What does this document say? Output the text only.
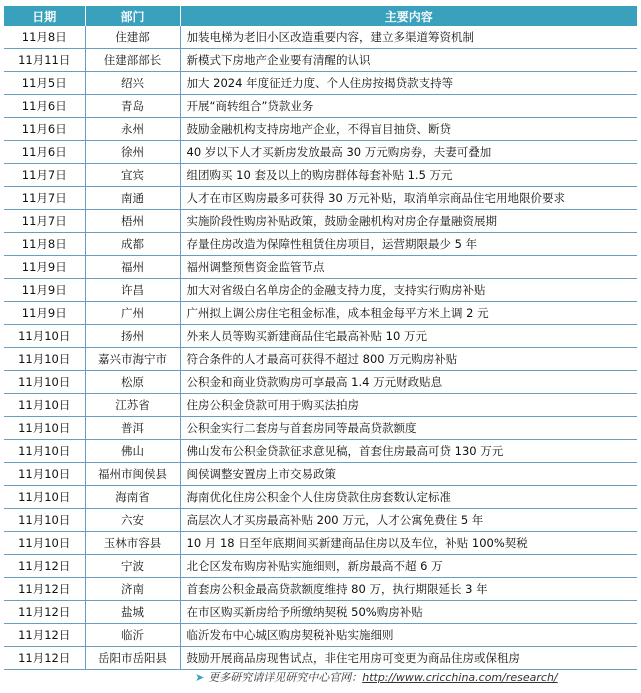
日期	部门	主要内容
11月8日	住建部	加装电梯为老旧小区改造重要内容，建立多渠道筹资机制
11月11日	住建部部长	新模式下房地产企业要有清醒的认识
11月5日	绍兴	加大 2024 年度征迁力度、个人住房按揭贷款支持等
11月6日	青岛	开展“商转组合”贷款业务
11月6日	永州	鼓励金融机构支持房地产企业，不得盲目抽贷、断贷
11月6日	徐州	40 岁以下人才买新房发放最高 30 万元购房券，夫妻可叠加
11月7日	宜宾	组团购买 10 套及以上的购房群体每套补贴 1.5 万元
11月7日	南通	人才在市区购房最多可获得 30 万元补贴，取消单宗商品住宅用地限价要求
11月7日	梧州	实施阶段性购房补贴政策，鼓励金融机构对房企存量融资展期
11月8日	成都	存量住房改造为保障性租赁住房项目，运营期限最少 5 年
11月9日	福州	福州调整预售资金监管节点
11月9日	许昌	加大对省级白名单房企的金融支持力度，支持实行购房补贴
11月9日	广州	广州拟上调公房住宅租金标准，成本租金每平方米上调 2 元
11月10日	扬州	外来人员等购买新建商品住宅最高补贴 10 万元
11月10日	嘉兴市海宁市	符合条件的人才最高可获得不超过 800 万元购房补贴
11月10日	松原	公积金和商业贷款购房可享最高 1.4 万元财政贴息
11月10日	江苏省	住房公积金贷款可用于购买法拍房
11月10日	普洱	公积金实行二套房与首套房同等最高贷款额度
11月10日	佛山	佛山发布公积金贷款征求意见稿，首套住房最高可贷 130 万元
11月10日	福州市闽侯县	闽侯调整安置房上市交易政策
11月10日	海南省	海南优化住房公积金个人住房贷款住房套数认定标准
11月10日	六安	高层次人才买房最高补贴 200 万元，人才公寓免费住 5 年
11月10日	玉林市容县	10 月 18 日至年底期间买新建商品住房以及车位，补贴 100%契税
11月12日	宁波	北仑区发布购房补贴实施细则，新房最高不超 6 万
11月12日	济南	首套房公积金最高贷款额度维持 80 万，执行期限延长 3 年
11月12日	盐城	在市区购买新房给予所缴纳契税 50%购房补贴
11月12日	临沂	临沂发布中心城区购房契税补贴实施细则
11月12日	岳阳市岳阳县	鼓励开展商品房现售试点，非住宅用房可变更为商品住房或保租房
➤ 更多研究请详见研究中心官网：http://www.cricchina.com/research/
